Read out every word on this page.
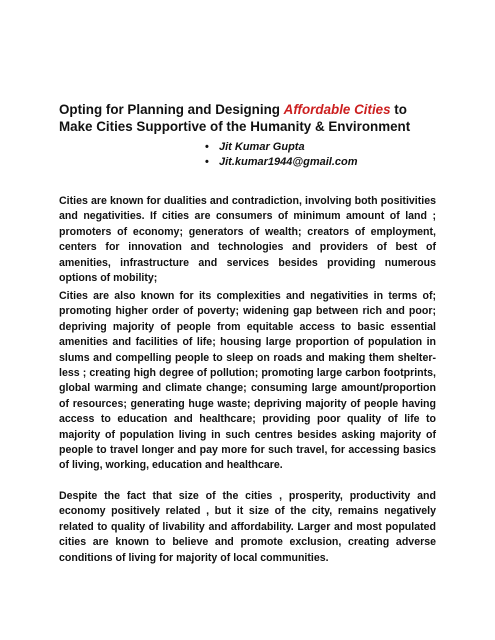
Opting for Planning and Designing Affordable Cities to Make Cities Supportive of the Humanity & Environment
• Jit Kumar Gupta
• Jit.kumar1944@gmail.com

Cities are known for dualities and contradiction, involving both positivities and negativities. If cities are consumers of minimum amount of land ; promoters of economy; generators of wealth; creators of employment, centers for innovation and technologies and providers of best of amenities, infrastructure and services besides providing numerous options of mobility;

Cities are also known for its complexities and negativities in terms of; promoting higher order of poverty; widening gap between rich and poor; depriving majority of people from equitable access to basic essential amenities and facilities of life; housing large proportion of population in slums and compelling people to sleep on roads and making them shelter-less ; creating high degree of pollution; promoting large carbon footprints, global warming and climate change; consuming large amount/proportion of resources; generating huge waste; depriving majority of people having access to education and healthcare; providing poor quality of life to majority of population living in such centres besides asking majority of people to travel longer and pay more for such travel, for accessing basics of living, working, education and healthcare.

Despite the fact that size of the cities , prosperity, productivity and economy positively related , but it size of the city, remains negatively related to quality of livability and affordability. Larger and most populated cities are known to believe and promote exclusion, creating adverse conditions of living for majority of local communities.
